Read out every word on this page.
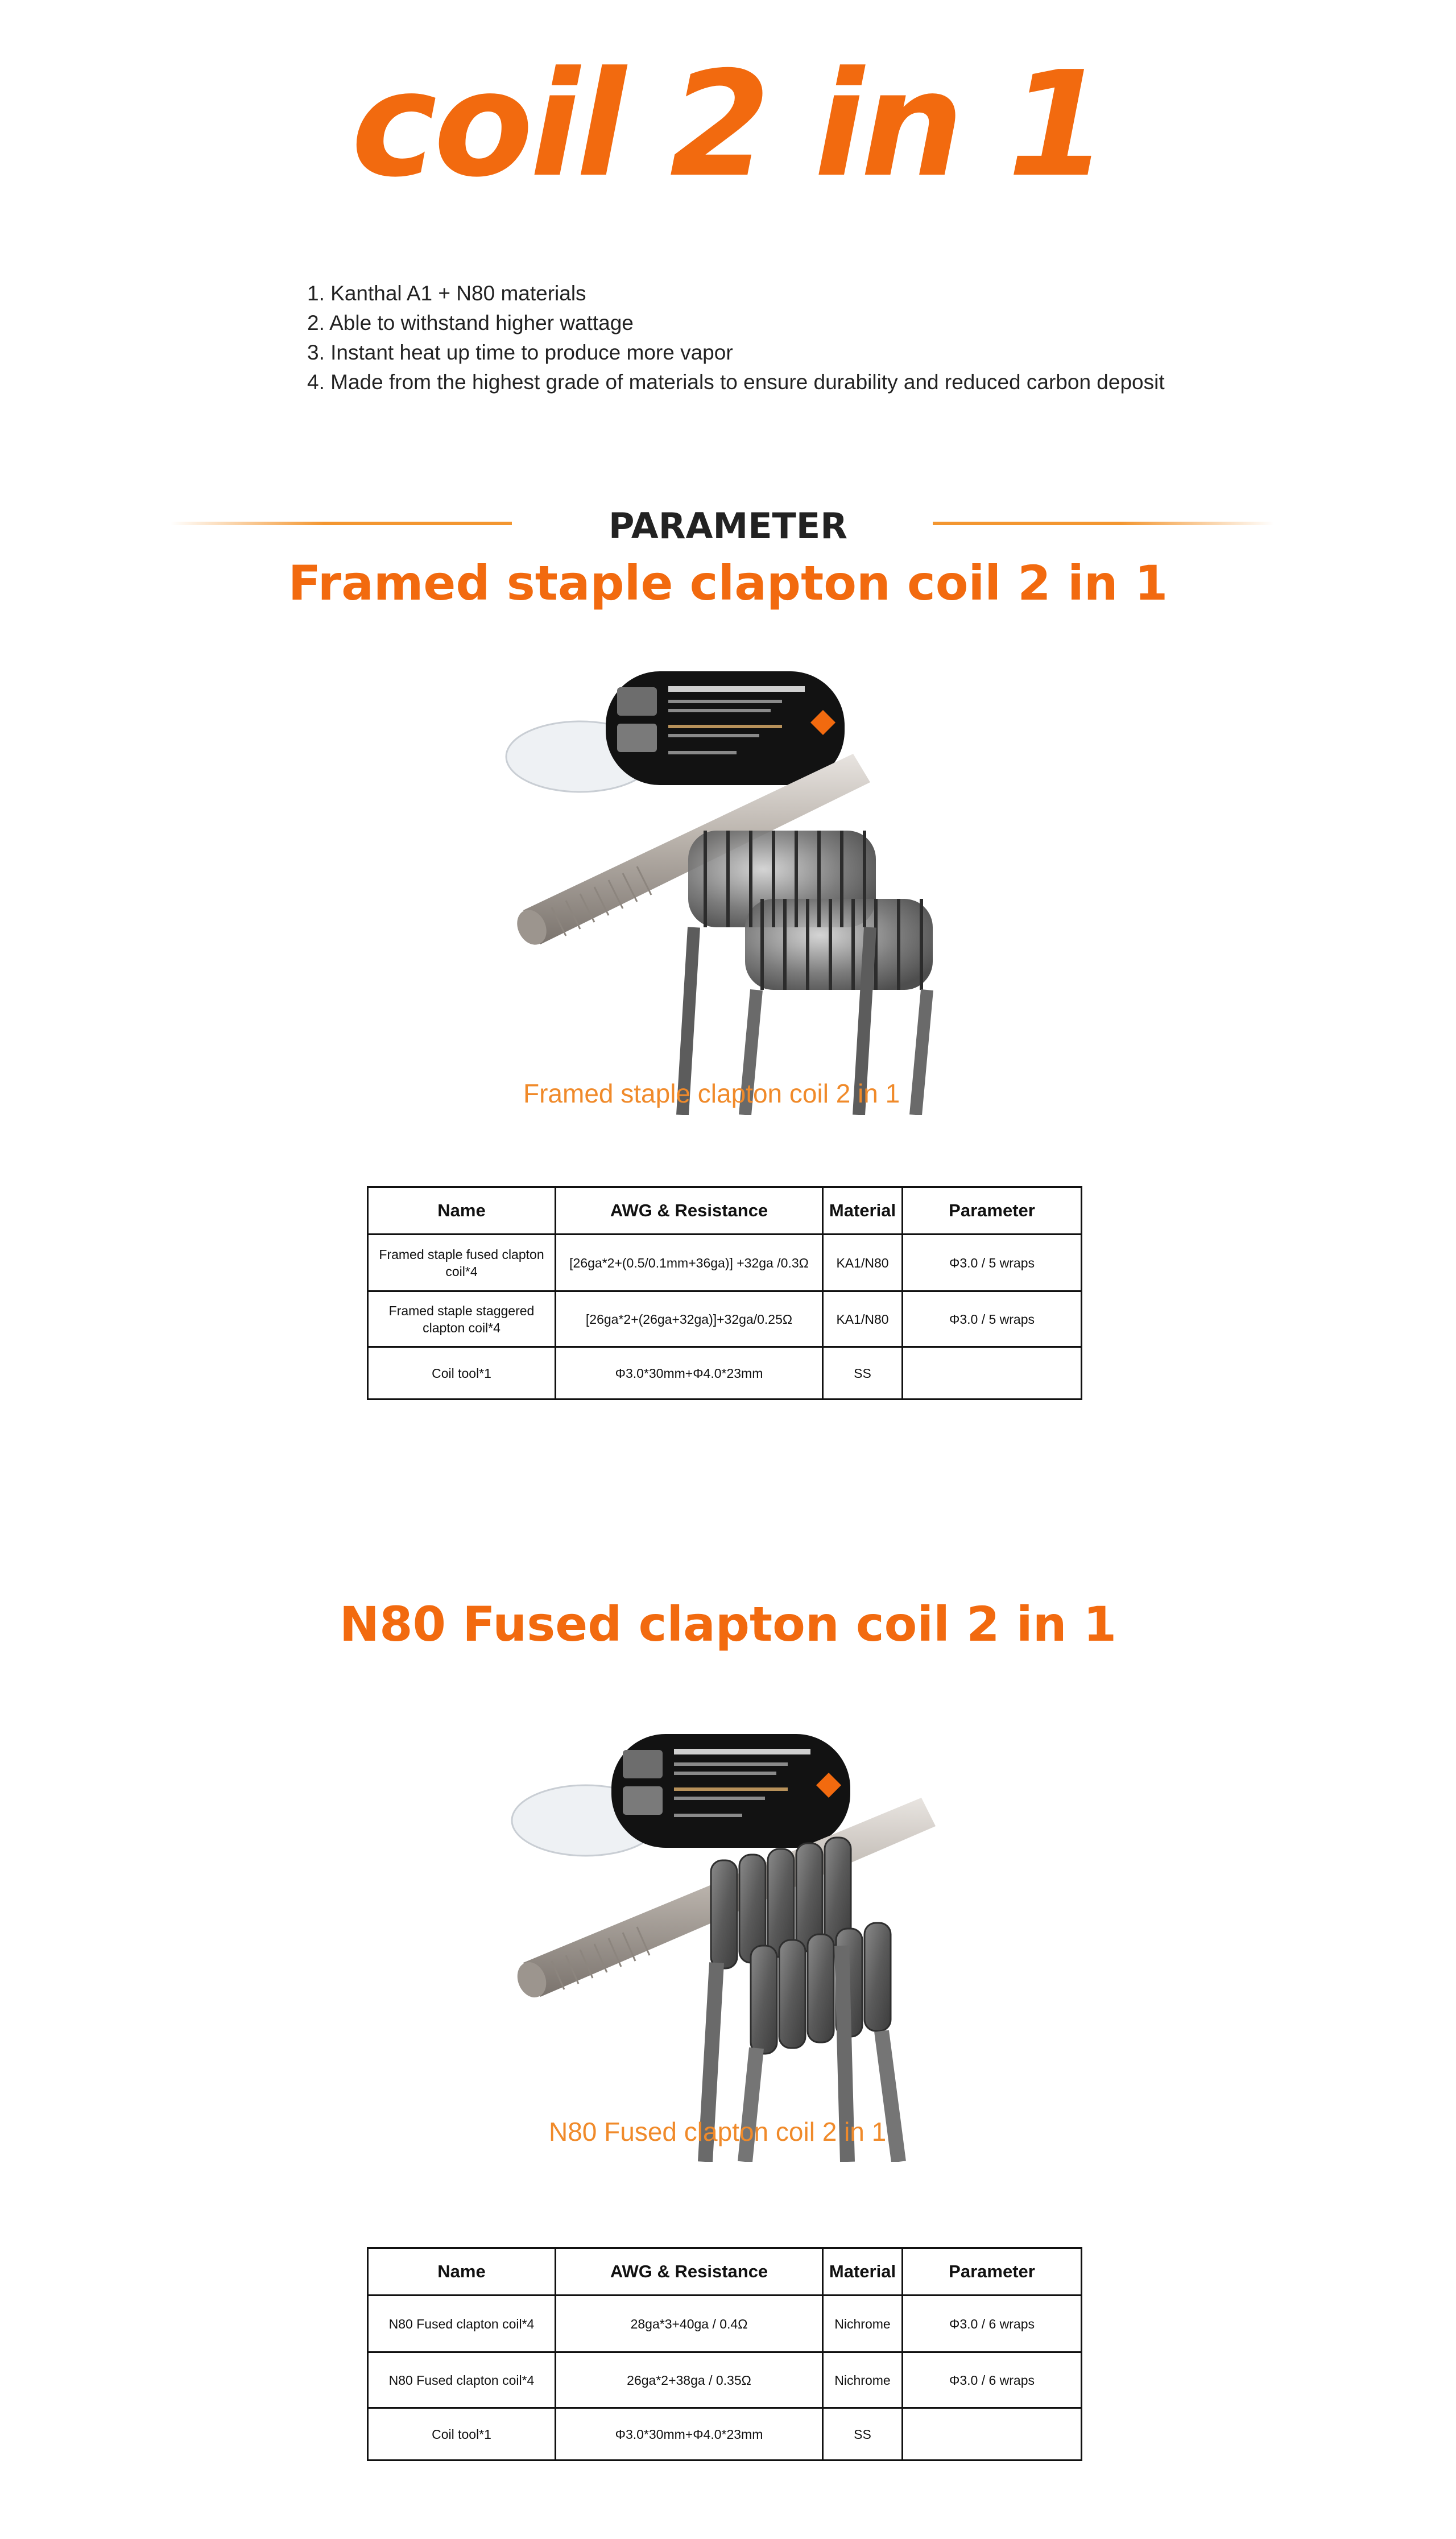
coil 2 in 1
1. Kanthal A1 + N80 materials
2. Able to withstand higher wattage
3. Instant heat up time to produce more vapor
4. Made from the highest grade of materials to ensure durability and reduced carbon deposit
PARAMETER
Framed staple clapton coil 2 in 1
Framed staple clapton coil 2 in 1
Name	AWG & Resistance	Material	Parameter
Framed staple fused clapton coil*4	[26ga*2+(0.5/0.1mm+36ga)] +32ga /0.3Ω	KA1/N80	Φ3.0 / 5 wraps
Framed staple staggered clapton coil*4	[26ga*2+(26ga+32ga)]+32ga/0.25Ω	KA1/N80	Φ3.0 / 5 wraps
Coil tool*1	Φ3.0*30mm+Φ4.0*23mm	SS	
N80 Fused clapton coil 2 in 1
N80 Fused clapton coil 2 in 1
Name	AWG & Resistance	Material	Parameter
N80 Fused clapton coil*4	28ga*3+40ga / 0.4Ω	Nichrome	Φ3.0 / 6 wraps
N80 Fused clapton coil*4	26ga*2+38ga / 0.35Ω	Nichrome	Φ3.0 / 6 wraps
Coil tool*1	Φ3.0*30mm+Φ4.0*23mm	SS	
